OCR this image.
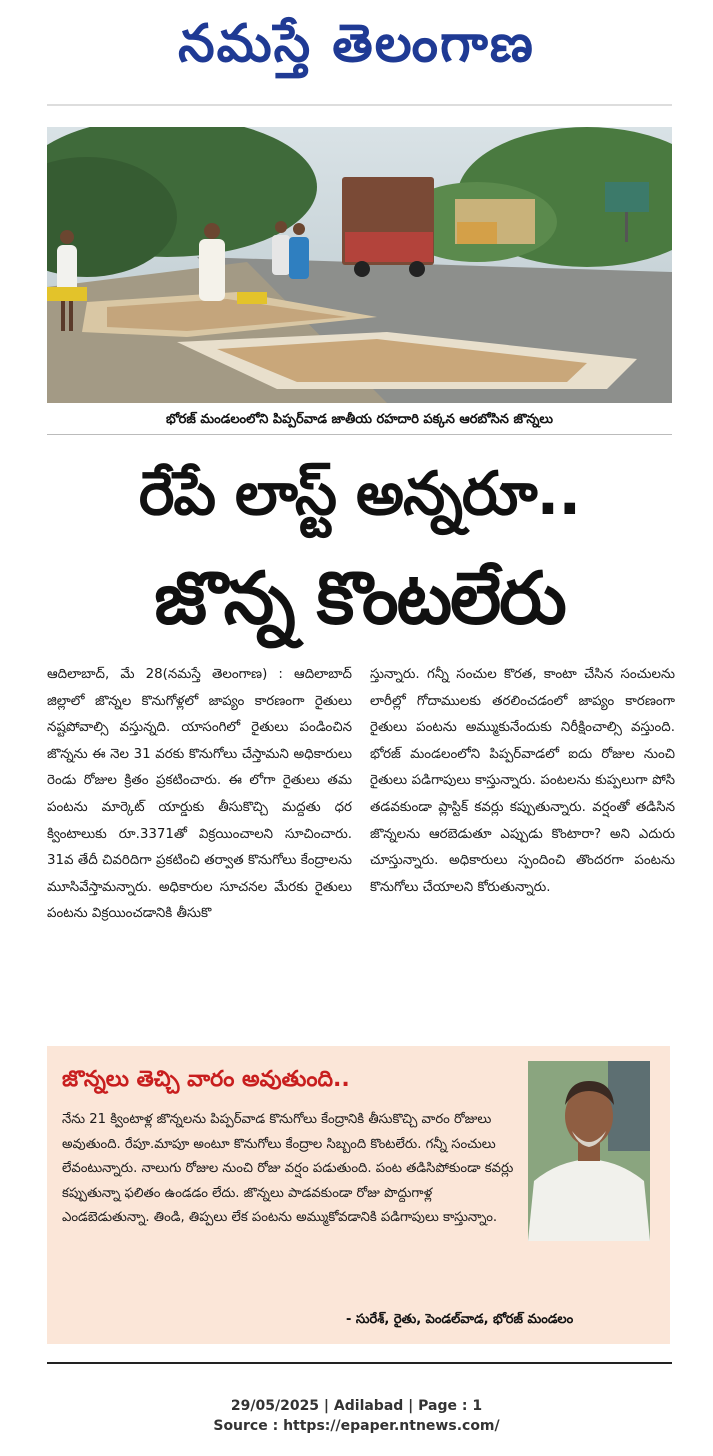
నమస్తే తెలంగాణ
భోరజ్ మండలంలోని పిప్పర్‌వాడ జాతీయ రహదారి పక్కన ఆరబోసిన జొన్నలు
రేపే లాస్ట్ అన్నరూ..
జొన్న కొంటలేరు

ఆదిలాబాద్, మే 28(నమస్తే తెలంగాణ) : ఆదిలాబాద్ జిల్లాలో జొన్నల కొనుగోళ్లలో జాప్యం కారణంగా రైతులు నష్టపోవాల్సి వస్తున్నది. యాసంగిలో రైతులు పండించిన జొన్నను ఈ నెల 31 వరకు కొనుగోలు చేస్తామని అధికారులు రెండు రోజుల క్రితం ప్రకటించారు. ఈ లోగా రైతులు తమ పంటను మార్కెట్ యార్డుకు తీసుకొచ్చి మద్దతు ధర క్వింటాలుకు రూ.3371తో విక్రయించాలని సూచించారు. 31వ తేదీ చివరిదిగా ప్రకటించి తర్వాత కొనుగోలు కేంద్రాలను మూసివేస్తామన్నారు. అధికారుల సూచనల మేరకు రైతులు పంటను విక్రయించడానికి తీసుకొ

స్తున్నారు. గన్నీ సంచుల కొరత, కాంటా చేసిన సంచులను లారీల్లో గోదాములకు తరలించడంలో జాప్యం కారణంగా రైతులు పంటను అమ్ముకునేందుకు నిరీక్షించాల్సి వస్తుంది. భోరజ్ మండలంలోని పిప్పర్‌వాడలో ఐదు రోజుల నుంచి రైతులు పడిగాపులు కాస్తున్నారు. పంటలను కుప్పలుగా పోసి తడవకుండా ప్లాస్టిక్ కవర్లు కప్పుతున్నారు. వర్షంతో తడిసిన జొన్నలను ఆరబెడుతూ ఎప్పుడు కొంటారా? అని ఎదురు చూస్తున్నారు. అధికారులు స్పందించి తొందరగా పంటను కొనుగోలు చేయాలని కోరుతున్నారు.

జొన్నలు తెచ్చి వారం అవుతుంది..

నేను 21 క్వింటాళ్ల జొన్నలను పిప్పర్‌వాడ కొనుగోలు కేంద్రానికి తీసుకొచ్చి వారం రోజులు అవుతుంది. రేపూ.మాపూ అంటూ కొనుగోలు కేంద్రాల సిబ్బంది కొంటలేరు. గన్నీ సంచులు లేవంటున్నారు. నాలుగు రోజుల నుంచి రోజు వర్షం పడుతుంది. పంట తడిసిపోకుండా కవర్లు కప్పుతున్నా ఫలితం ఉండడం లేదు. జొన్నలు పాడవకుండా రోజు పొద్దుగాళ్ల ఎండబెడుతున్నా. తిండి, తిప్పలు లేక పంటను అమ్ముకోవడానికి పడిగాపులు కాస్తున్నాం.

- సురేశ్, రైతు, పెండల్‌వాడ, భోరజ్ మండలం
29/05/2025 | Adilabad | Page : 1
Source : https://epaper.ntnews.com/
